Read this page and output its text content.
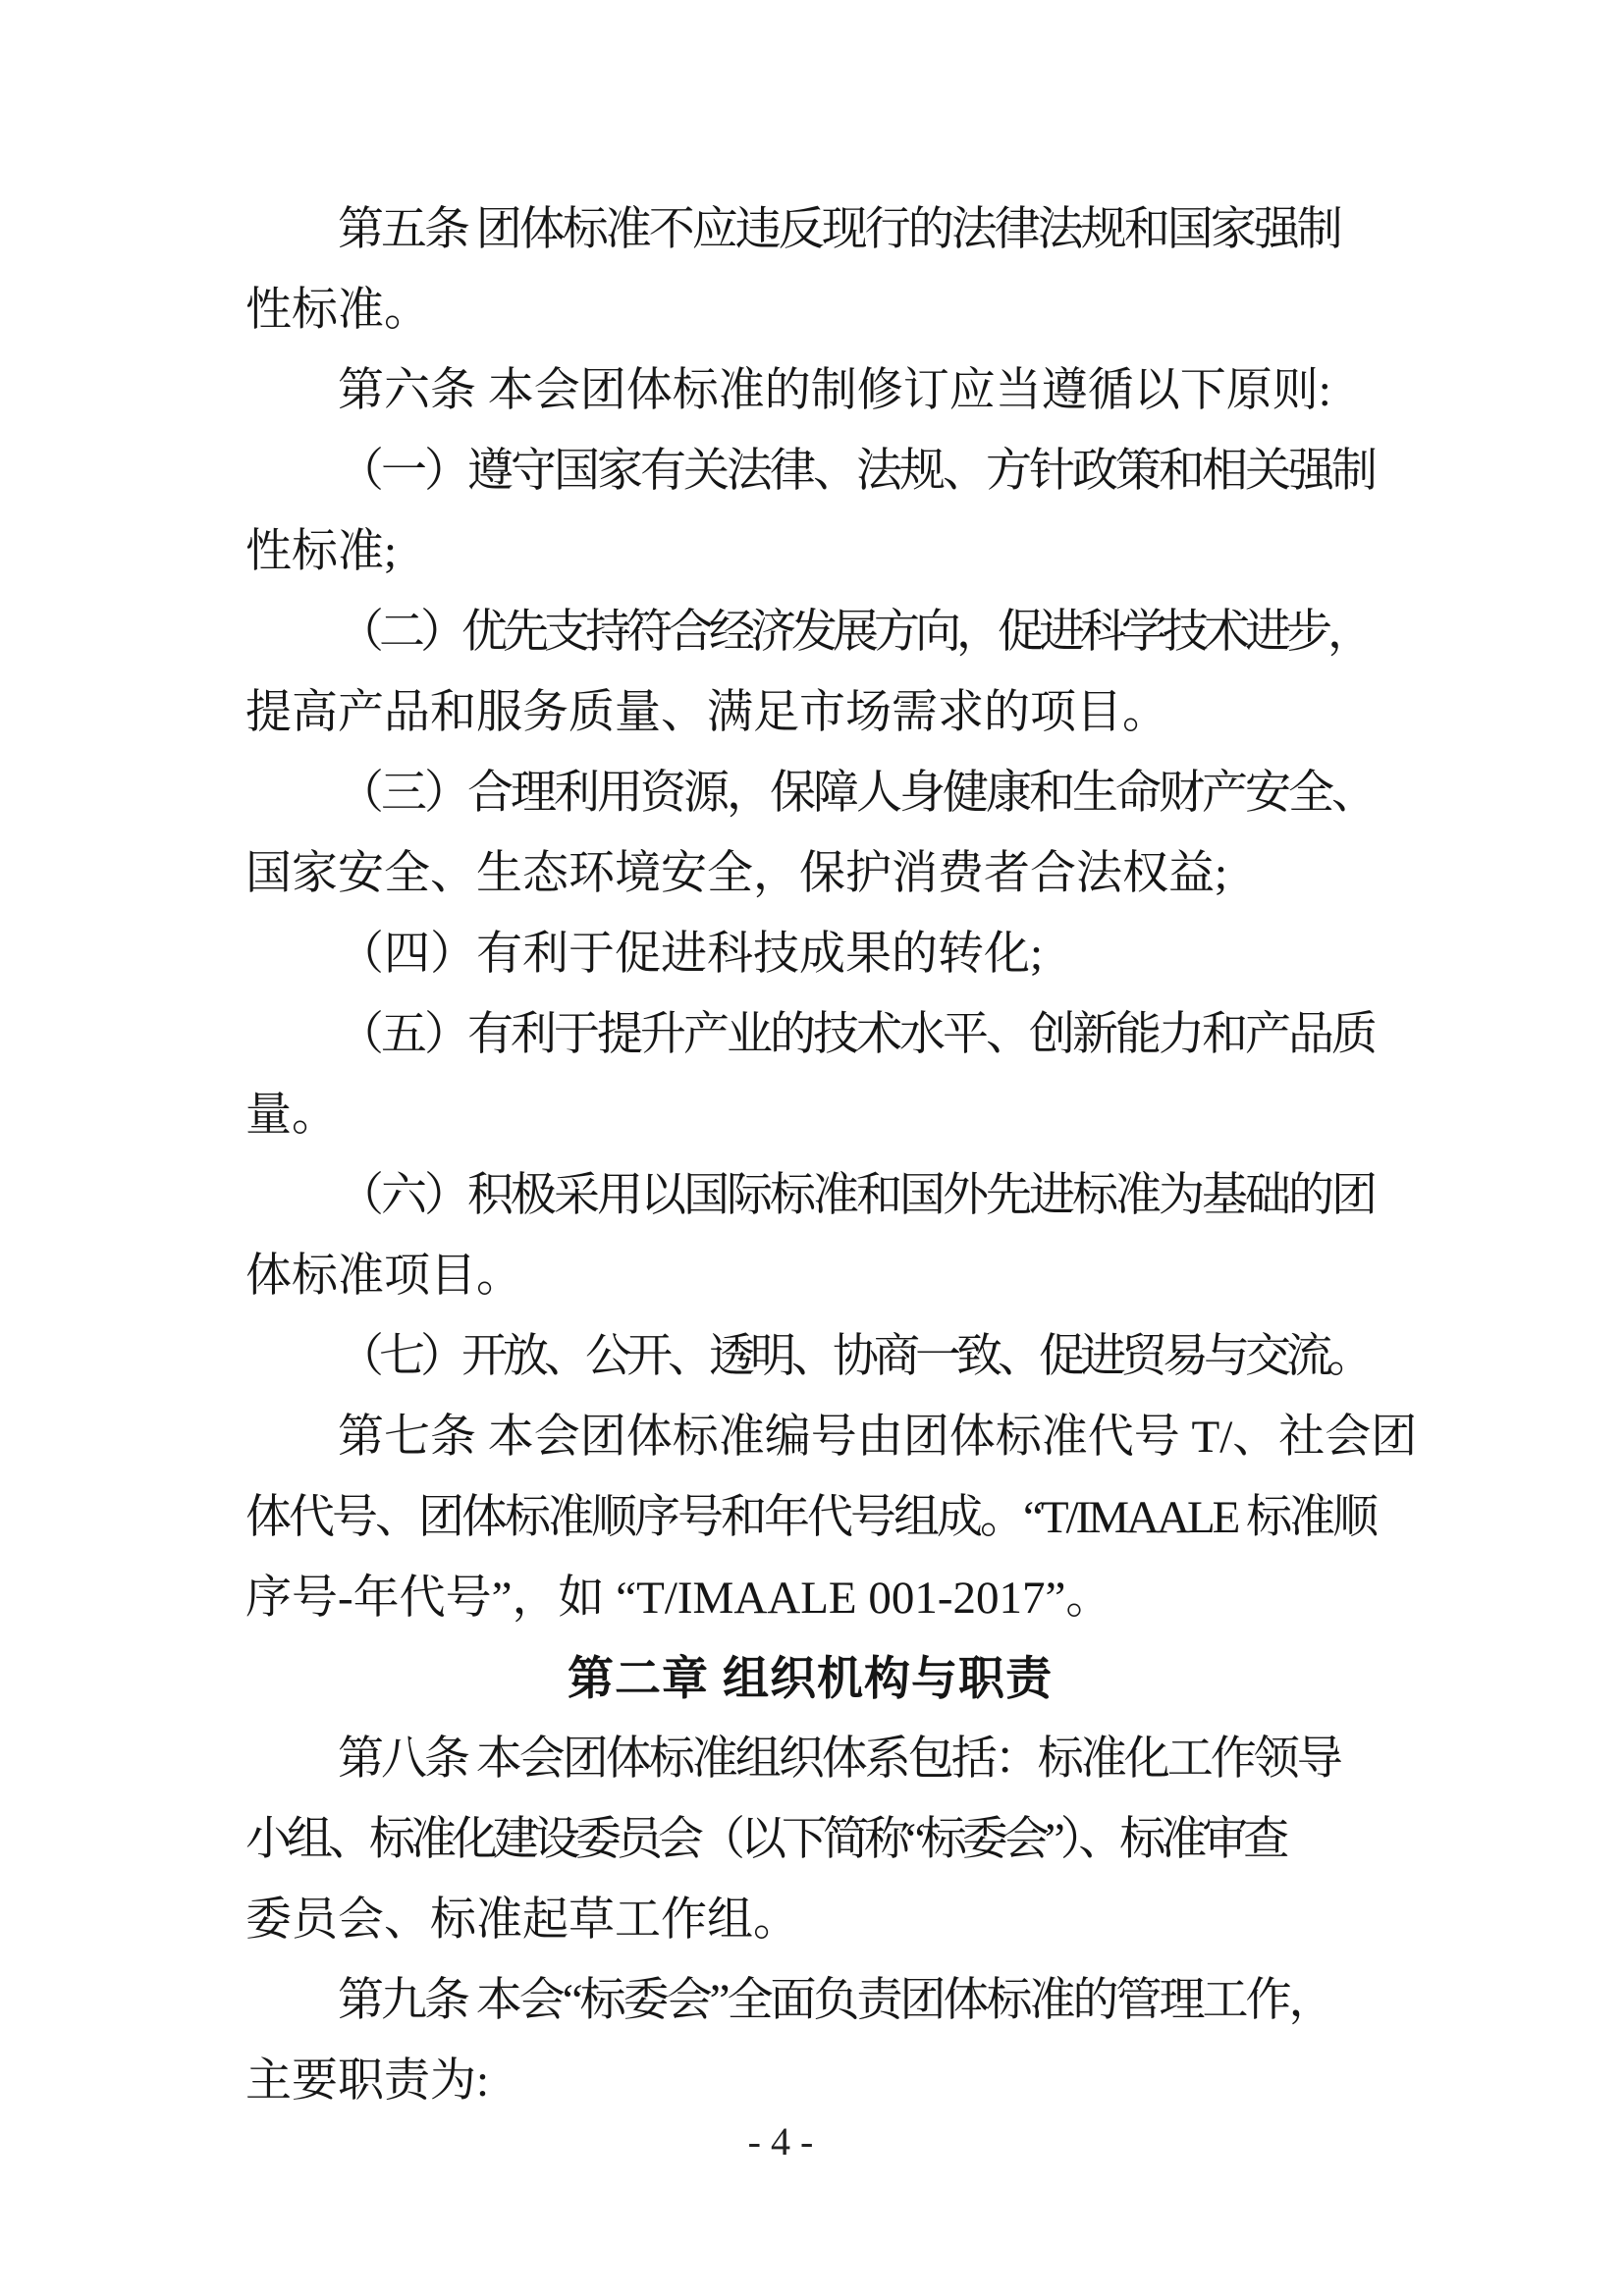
第五条 团体标准不应违反现行的法律法规和国家强制
性标准。
第六条 本会团体标准的制修订应当遵循以下原则:
（一）遵守国家有关法律、法规、方针政策和相关强制
性标准;
（二）优先支持符合经济发展方向，促进科学技术进步，
提高产品和服务质量、满足市场需求的项目。
（三）合理利用资源，保障人身健康和生命财产安全、
国家安全、生态环境安全，保护消费者合法权益;
（四）有利于促进科技成果的转化;
（五）有利于提升产业的技术水平、创新能力和产品质
量。
（六）积极采用以国际标准和国外先进标准为基础的团
体标准项目。
（七）开放、公开、透明、协商一致、促进贸易与交流。
第七条 本会团体标准编号由团体标准代号 T/、社会团
体代号、团体标准顺序号和年代号组成。“T/IMAALE 标准顺
序号-年代号”，如 “T/IMAALE 001-2017”。
第二章 组织机构与职责
第八条 本会团体标准组织体系包括：标准化工作领导
小组、标准化建设委员会（以下简称“标委会”）、标准审查
委员会、标准起草工作组。
第九条 本会“标委会”全面负责团体标准的管理工作，
主要职责为:
- 4 -
